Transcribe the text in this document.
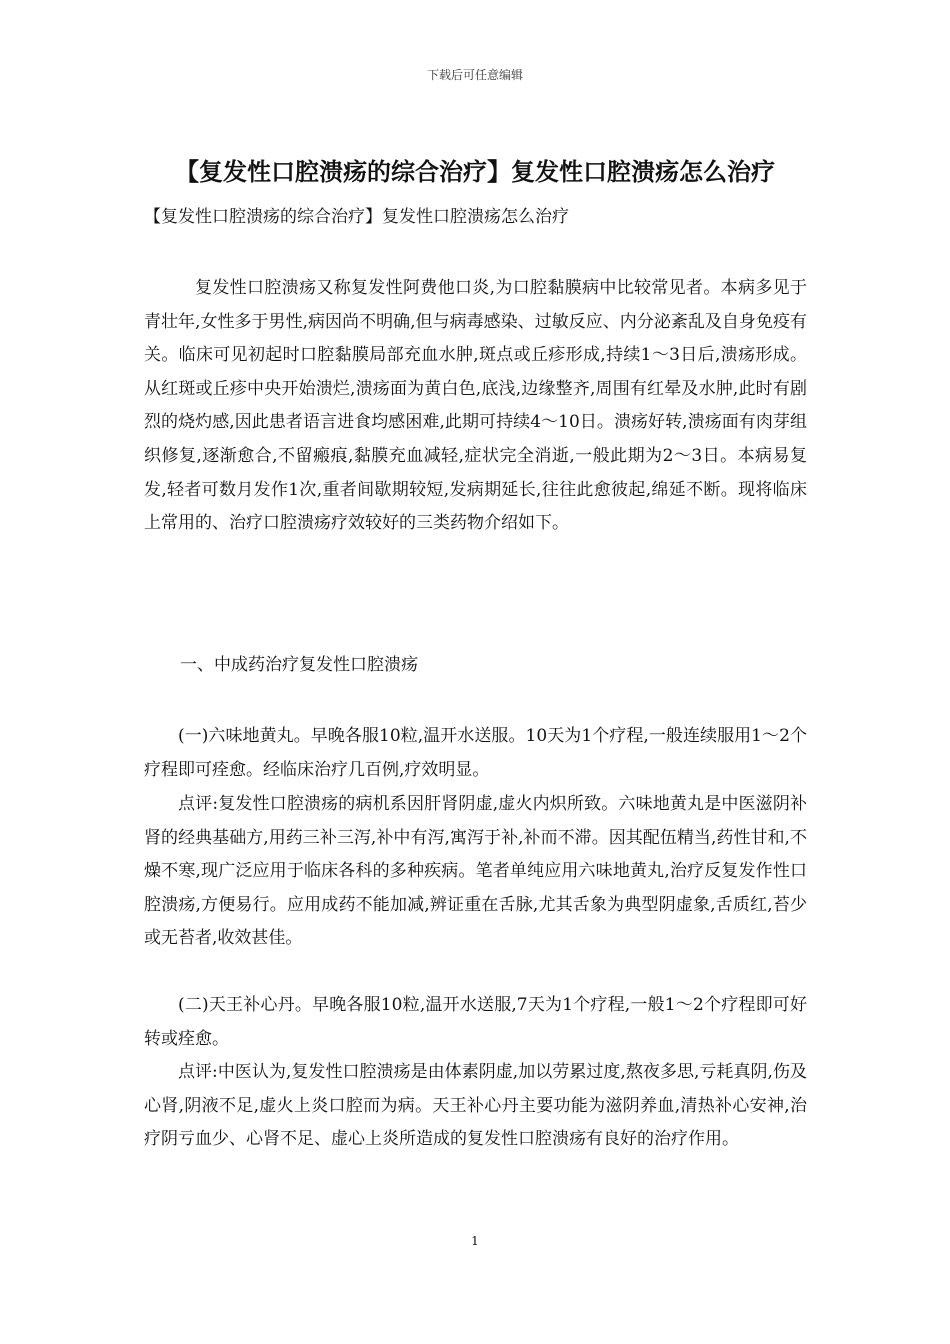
下载后可任意编辑
【复发性口腔溃疡的综合治疗】复发性口腔溃疡怎么治疗

【复发性口腔溃疡的综合治疗】复发性口腔溃疡怎么治疗

复发性口腔溃疡又称复发性阿费他口炎,为口腔黏膜病中比较常见者。本病多见于青壮年,女性多于男性,病因尚不明确,但与病毒感染、过敏反应、内分泌紊乱及自身免疫有关。临床可见初起时口腔黏膜局部充血水肿,斑点或丘疹形成,持续1～3日后,溃疡形成。从红斑或丘疹中央开始溃烂,溃疡面为黄白色,底浅,边缘整齐,周围有红晕及水肿,此时有剧烈的烧灼感,因此患者语言进食均感困难,此期可持续4～10日。溃疡好转,溃疡面有肉芽组织修复,逐渐愈合,不留瘢痕,黏膜充血减轻,症状完全消逝,一般此期为2～3日。本病易复发,轻者可数月发作1次,重者间歇期较短,发病期延长,往往此愈彼起,绵延不断。现将临床上常用的、治疗口腔溃疡疗效较好的三类药物介绍如下。

一、中成药治疗复发性口腔溃疡

(一)六味地黄丸。早晚各服10粒,温开水送服。10天为1个疗程,一般连续服用1～2个疗程即可痊愈。经临床治疗几百例,疗效明显。

点评:复发性口腔溃疡的病机系因肝肾阴虚,虚火内炽所致。六味地黄丸是中医滋阴补肾的经典基础方,用药三补三泻,补中有泻,寓泻于补,补而不滞。因其配伍精当,药性甘和,不燥不寒,现广泛应用于临床各科的多种疾病。笔者单纯应用六味地黄丸,治疗反复发作性口腔溃疡,方便易行。应用成药不能加减,辨证重在舌脉,尤其舌象为典型阴虚象,舌质红,苔少或无苔者,收效甚佳。

(二)天王补心丹。早晚各服10粒,温开水送服,7天为1个疗程,一般1～2个疗程即可好转或痊愈。

点评:中医认为,复发性口腔溃疡是由体素阴虚,加以劳累过度,熬夜多思,亏耗真阴,伤及心肾,阴液不足,虚火上炎口腔而为病。天王补心丹主要功能为滋阴养血,清热补心安神,治疗阴亏血少、心肾不足、虚心上炎所造成的复发性口腔溃疡有良好的治疗作用。

1
